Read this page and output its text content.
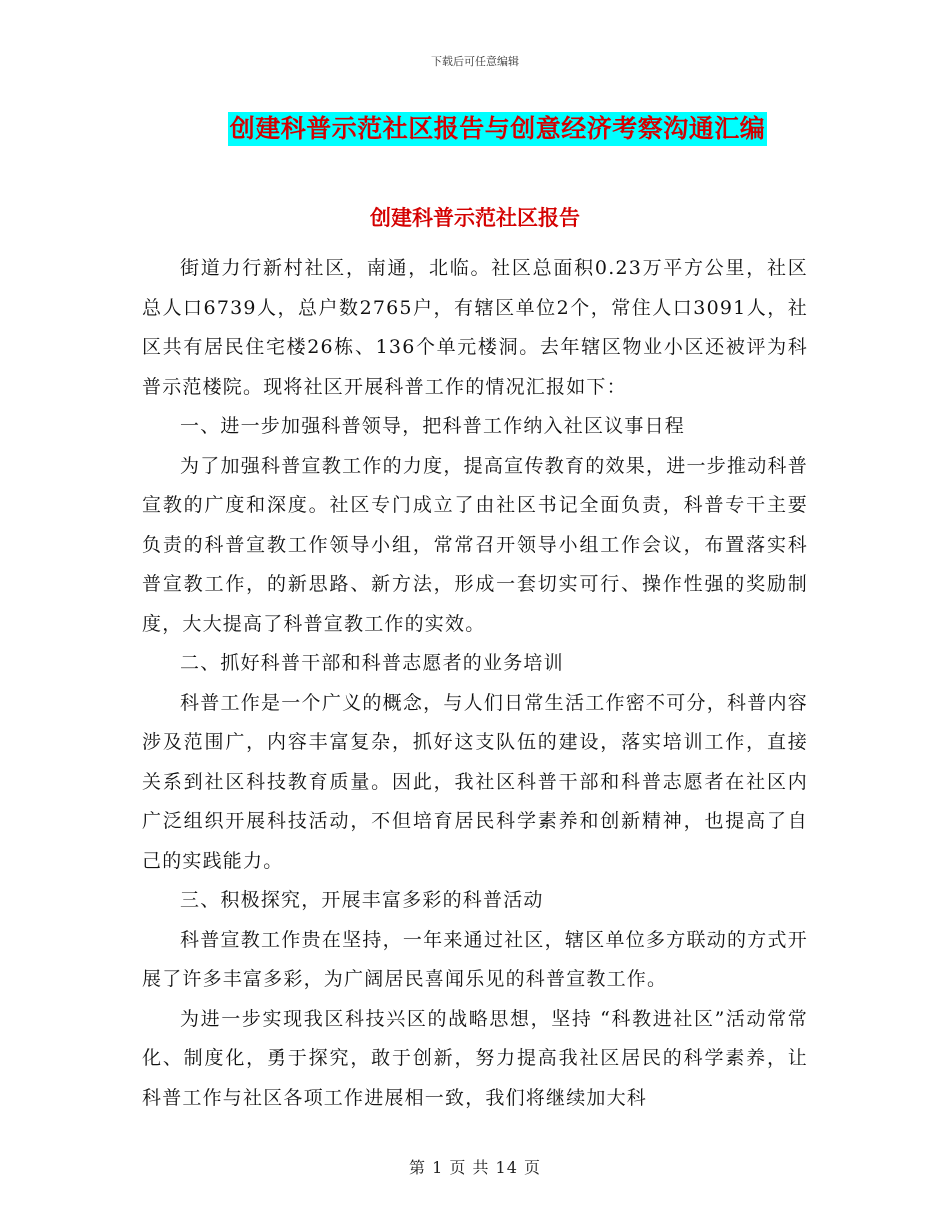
下载后可任意编辑
创建科普示范社区报告与创意经济考察沟通汇编
创建科普示范社区报告

街道力行新村社区，南通，北临。社区总面积0.23万平方公里，社区总人口6739人，总户数2765户，有辖区单位2个，常住人口3091人，社区共有居民住宅楼26栋、136个单元楼洞。去年辖区物业小区还被评为科普示范楼院。现将社区开展科普工作的情况汇报如下：

一、进一步加强科普领导，把科普工作纳入社区议事日程

为了加强科普宣教工作的力度，提高宣传教育的效果，进一步推动科普宣教的广度和深度。社区专门成立了由社区书记全面负责，科普专干主要负责的科普宣教工作领导小组，常常召开领导小组工作会议，布置落实科普宣教工作，的新思路、新方法，形成一套切实可行、操作性强的奖励制度，大大提高了科普宣教工作的实效。

二、抓好科普干部和科普志愿者的业务培训

科普工作是一个广义的概念，与人们日常生活工作密不可分，科普内容涉及范围广，内容丰富复杂，抓好这支队伍的建设，落实培训工作，直接关系到社区科技教育质量。因此，我社区科普干部和科普志愿者在社区内广泛组织开展科技活动，不但培育居民科学素养和创新精神，也提高了自己的实践能力。

三、积极探究，开展丰富多彩的科普活动

科普宣教工作贵在坚持，一年来通过社区，辖区单位多方联动的方式开展了许多丰富多彩，为广阔居民喜闻乐见的科普宣教工作。

为进一步实现我区科技兴区的战略思想，坚持 “科教进社区”活动常常化、制度化，勇于探究，敢于创新，努力提高我社区居民的科学素养，让科普工作与社区各项工作进展相一致，我们将继续加大科

第 1 页 共 14 页
